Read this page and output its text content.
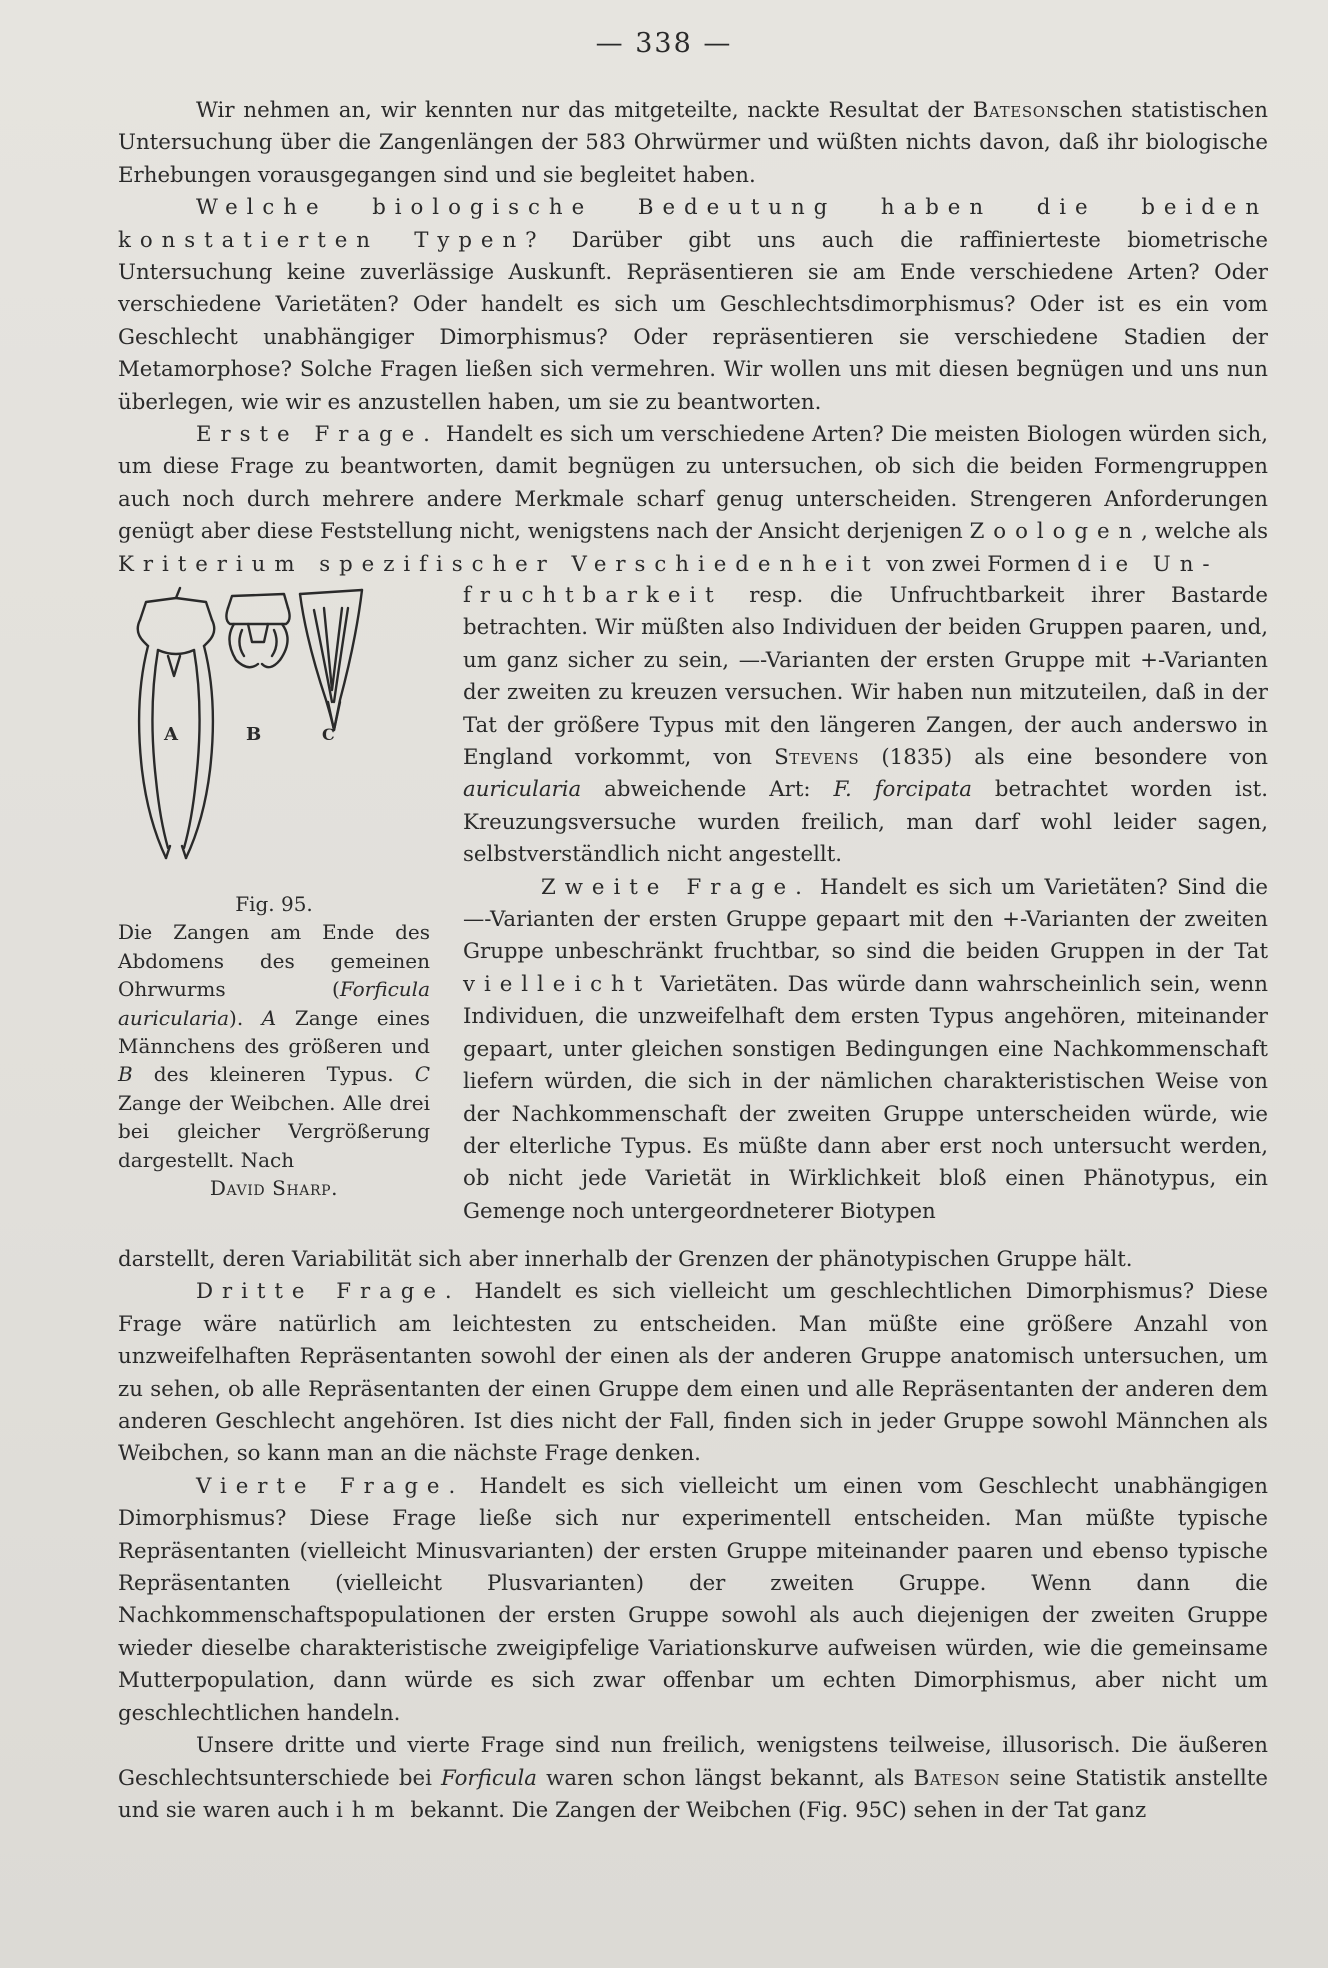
— 338 —

Wir nehmen an, wir kennten nur das mitgeteilte, nackte Resultat der Batesonschen statistischen Untersuchung über die Zangenlängen der 583 Ohrwürmer und wüßten nichts davon, daß ihr biologische Erhebungen vorausgegangen sind und sie begleitet haben.

Welche biologische Bedeutung haben die beiden konstatierten Typen? Darüber gibt uns auch die raffinierteste biometrische Untersuchung keine zuverlässige Auskunft. Repräsentieren sie am Ende verschiedene Arten? Oder verschiedene Varietäten? Oder handelt es sich um Geschlechtsdimorphismus? Oder ist es ein vom Geschlecht unabhängiger Dimorphismus? Oder repräsentieren sie verschiedene Stadien der Metamorphose? Solche Fragen ließen sich vermehren. Wir wollen uns mit diesen begnügen und uns nun überlegen, wie wir es anzustellen haben, um sie zu beantworten.

Erste Frage. Handelt es sich um verschiedene Arten? Die meisten Biologen würden sich, um diese Frage zu beantworten, damit begnügen zu untersuchen, ob sich die beiden Formengruppen auch noch durch mehrere andere Merkmale scharf genug unterscheiden. Strengeren Anforderungen genügt aber diese Feststellung nicht, wenigstens nach der Ansicht derjenigen Zoologen, welche als Kriterium spezifischer Verschiedenheit von zwei Formen die Un-

A	B	C
Fig. 95.
Die Zangen am Ende des Abdomens des gemeinen Ohrwurms (Forficula auricularia). A Zange eines Männchens des größeren und B des kleineren Typus. C Zange der Weibchen. Alle drei bei gleicher Vergrößerung dargestellt. Nach
David Sharp.

fruchtbarkeit resp. die Unfruchtbarkeit ihrer Bastarde betrachten. Wir müßten also Individuen der beiden Gruppen paaren, und, um ganz sicher zu sein, —-Varianten der ersten Gruppe mit +-Varianten der zweiten zu kreuzen versuchen. Wir haben nun mitzuteilen, daß in der Tat der größere Typus mit den längeren Zangen, der auch anderswo in England vorkommt, von Stevens (1835) als eine besondere von auricularia abweichende Art: F. forcipata betrachtet worden ist. Kreuzungsversuche wurden freilich, man darf wohl leider sagen, selbstverständlich nicht angestellt.

Zweite Frage. Handelt es sich um Varietäten? Sind die —-Varianten der ersten Gruppe gepaart mit den +-Varianten der zweiten Gruppe unbeschränkt fruchtbar, so sind die beiden Gruppen in der Tat vielleicht Varietäten. Das würde dann wahrscheinlich sein, wenn Individuen, die unzweifelhaft dem ersten Typus angehören, miteinander gepaart, unter gleichen sonstigen Bedingungen eine Nachkommenschaft liefern würden, die sich in der nämlichen charakteristischen Weise von der Nachkommenschaft der zweiten Gruppe unterscheiden würde, wie der elterliche Typus. Es müßte dann aber erst noch untersucht werden, ob nicht jede Varietät in Wirklichkeit bloß einen Phänotypus, ein Gemenge noch untergeordneterer Biotypen

darstellt, deren Variabilität sich aber innerhalb der Grenzen der phänotypischen Gruppe hält.

Dritte Frage. Handelt es sich vielleicht um geschlechtlichen Dimorphismus? Diese Frage wäre natürlich am leichtesten zu entscheiden. Man müßte eine größere Anzahl von unzweifelhaften Repräsentanten sowohl der einen als der anderen Gruppe anatomisch untersuchen, um zu sehen, ob alle Repräsentanten der einen Gruppe dem einen und alle Repräsentanten der anderen dem anderen Geschlecht angehören. Ist dies nicht der Fall, finden sich in jeder Gruppe sowohl Männchen als Weibchen, so kann man an die nächste Frage denken.

Vierte Frage. Handelt es sich vielleicht um einen vom Geschlecht unabhängigen Dimorphismus? Diese Frage ließe sich nur experimentell entscheiden. Man müßte typische Repräsentanten (vielleicht Minusvarianten) der ersten Gruppe miteinander paaren und ebenso typische Repräsentanten (vielleicht Plusvarianten) der zweiten Gruppe. Wenn dann die Nachkommenschaftspopulationen der ersten Gruppe sowohl als auch diejenigen der zweiten Gruppe wieder dieselbe charakteristische zweigipfelige Variationskurve aufweisen würden, wie die gemeinsame Mutterpopulation, dann würde es sich zwar offenbar um echten Dimorphismus, aber nicht um geschlechtlichen handeln.

Unsere dritte und vierte Frage sind nun freilich, wenigstens teilweise, illusorisch. Die äußeren Geschlechtsunterschiede bei Forficula waren schon längst bekannt, als Bateson seine Statistik anstellte und sie waren auch ihm bekannt. Die Zangen der Weibchen (Fig. 95C) sehen in der Tat ganz
